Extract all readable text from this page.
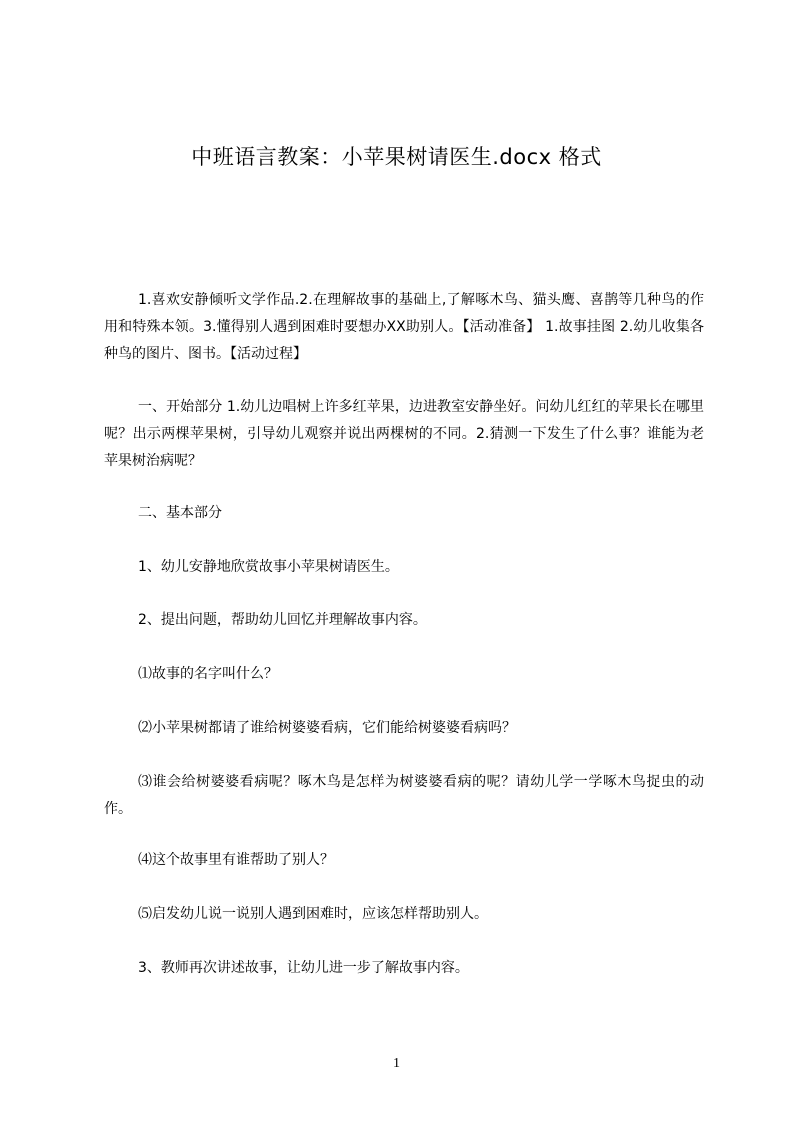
中班语言教案：小苹果树请医生.docx 格式

1.喜欢安静倾听文学作品.2.在理解故事的基础上,了解啄木鸟、猫头鹰、喜鹊等几种鸟的作用和特殊本领。3.懂得别人遇到困难时要想办XX助别人。【活动准备】 1.故事挂图 2.幼儿收集各种鸟的图片、图书。【活动过程】

一、开始部分 1.幼儿边唱树上许多红苹果，边进教室安静坐好。问幼儿红红的苹果长在哪里呢？出示两棵苹果树，引导幼儿观察并说出两棵树的不同。2.猜测一下发生了什么事？谁能为老苹果树治病呢？

二、基本部分

1、幼儿安静地欣赏故事小苹果树请医生。

2、提出问题，帮助幼儿回忆并理解故事内容。

⑴故事的名字叫什么？

⑵小苹果树都请了谁给树婆婆看病，它们能给树婆婆看病吗？

⑶谁会给树婆婆看病呢？啄木鸟是怎样为树婆婆看病的呢？请幼儿学一学啄木鸟捉虫的动作。

⑷这个故事里有谁帮助了别人？

⑸启发幼儿说一说别人遇到困难时，应该怎样帮助别人。

3、教师再次讲述故事，让幼儿进一步了解故事内容。

1
